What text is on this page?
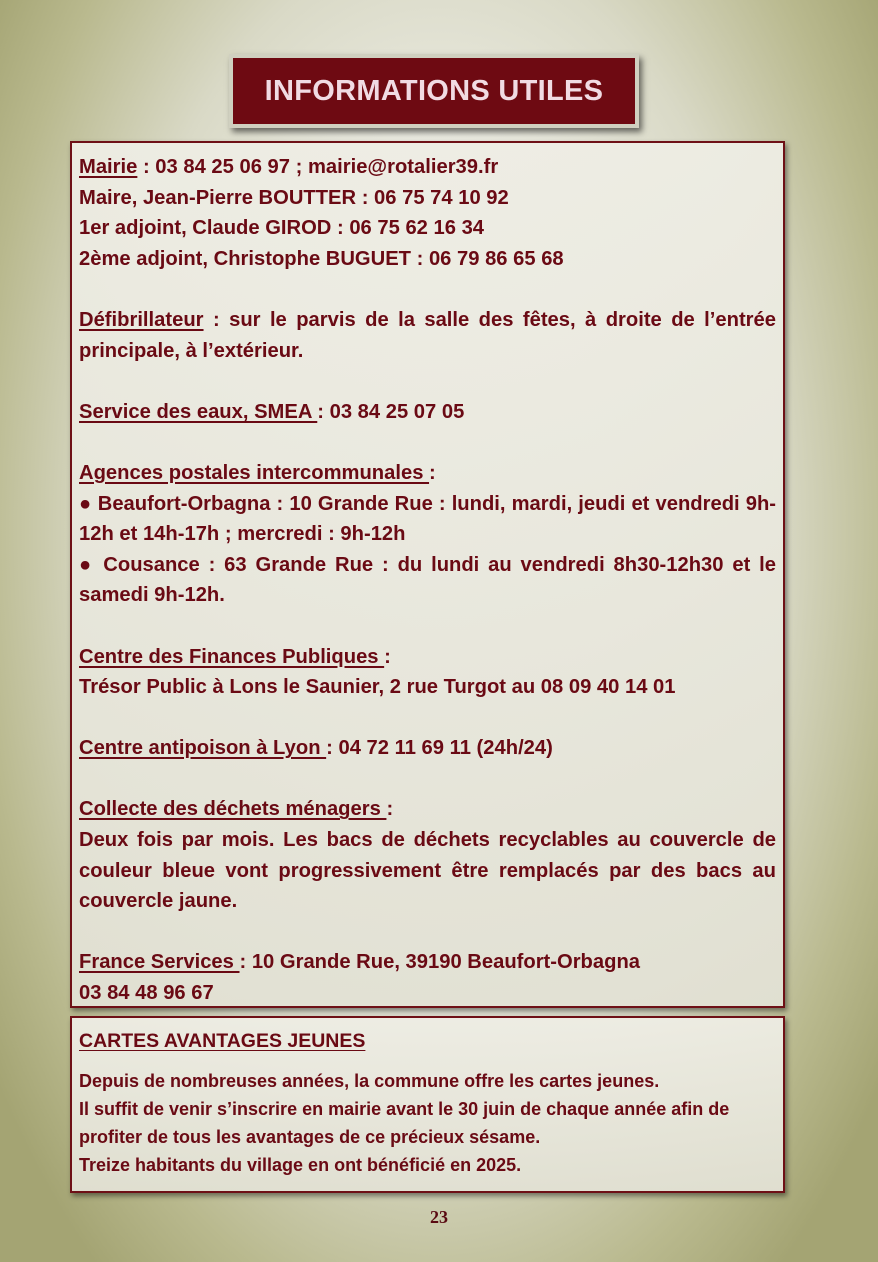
INFORMATIONS UTILES

Mairie : 03 84 25 06 97 ; mairie@rotalier39.fr

Maire, Jean-Pierre BOUTTER : 06 75 74 10 92

1er adjoint, Claude GIROD : 06 75 62 16 34

2ème adjoint, Christophe BUGUET : 06 79 86 65 68

Défibrillateur : sur le parvis de la salle des fêtes, à droite de l’entrée principale, à l’extérieur.

Service des eaux, SMEA : 03 84 25 07 05

Agences postales intercommunales :

● Beaufort-Orbagna : 10 Grande Rue : lundi, mardi, jeudi et vendredi 9h-12h et 14h-17h ; mercredi : 9h-12h

● Cousance : 63 Grande Rue : du lundi au vendredi 8h30-12h30 et le samedi 9h-12h.

Centre des Finances Publiques :

Trésor Public à Lons le Saunier, 2 rue Turgot au 08 09 40 14 01

Centre antipoison à Lyon : 04 72 11 69 11 (24h/24)

Collecte des déchets ménagers :

Deux fois par mois. Les bacs de déchets recyclables au couvercle de couleur bleue vont progressivement être remplacés par des bacs au couvercle jaune.

France Services : 10 Grande Rue, 39190 Beaufort-Orbagna

03 84 48 96 67

CARTES AVANTAGES JEUNES

Depuis de nombreuses années, la commune offre les cartes jeunes.

Il suffit de venir s’inscrire en mairie avant le 30 juin de chaque année afin de profiter de tous les avantages de ce précieux sésame.

Treize habitants du village en ont bénéficié en 2025.

23
